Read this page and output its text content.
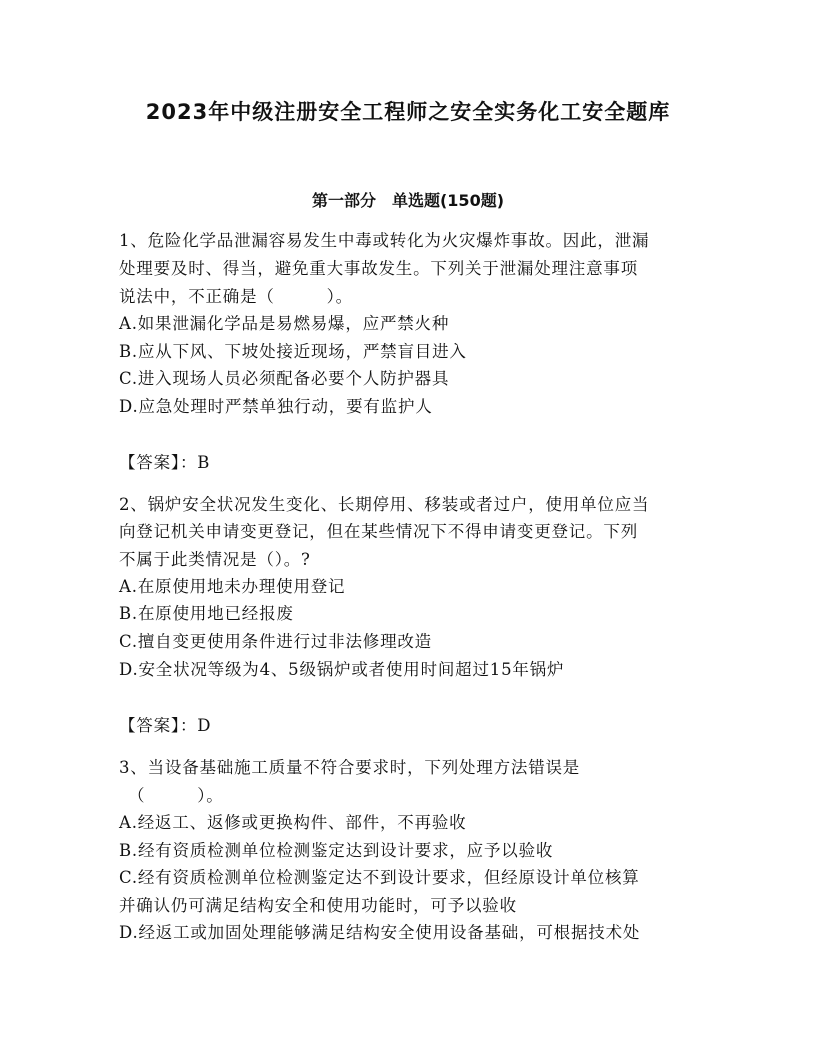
2023年中级注册安全工程师之安全实务化工安全题库
第一部分　单选题(150题)
1、危险化学品泄漏容易发生中毒或转化为火灾爆炸事故。因此，泄漏
处理要及时、得当，避免重大事故发生。下列关于泄漏处理注意事项
说法中，不正确是（　　　）。
A.如果泄漏化学品是易燃易爆，应严禁火种
B.应从下风、下坡处接近现场，严禁盲目进入
C.进入现场人员必须配备必要个人防护器具
D.应急处理时严禁单独行动，要有监护人
【答案】：B
2、锅炉安全状况发生变化、长期停用、移装或者过户，使用单位应当
向登记机关申请变更登记，但在某些情况下不得申请变更登记。下列
不属于此类情况是（）。?
A.在原使用地未办理使用登记
B.在原使用地已经报废
C.擅自变更使用条件进行过非法修理改造
D.安全状况等级为4、5级锅炉或者使用时间超过15年锅炉
【答案】：D
3、当设备基础施工质量不符合要求时，下列处理方法错误是
（　　　）。
A.经返工、返修或更换构件、部件，不再验收
B.经有资质检测单位检测鉴定达到设计要求，应予以验收
C.经有资质检测单位检测鉴定达不到设计要求，但经原设计单位核算
并确认仍可满足结构安全和使用功能时，可予以验收
D.经返工或加固处理能够满足结构安全使用设备基础，可根据技术处
